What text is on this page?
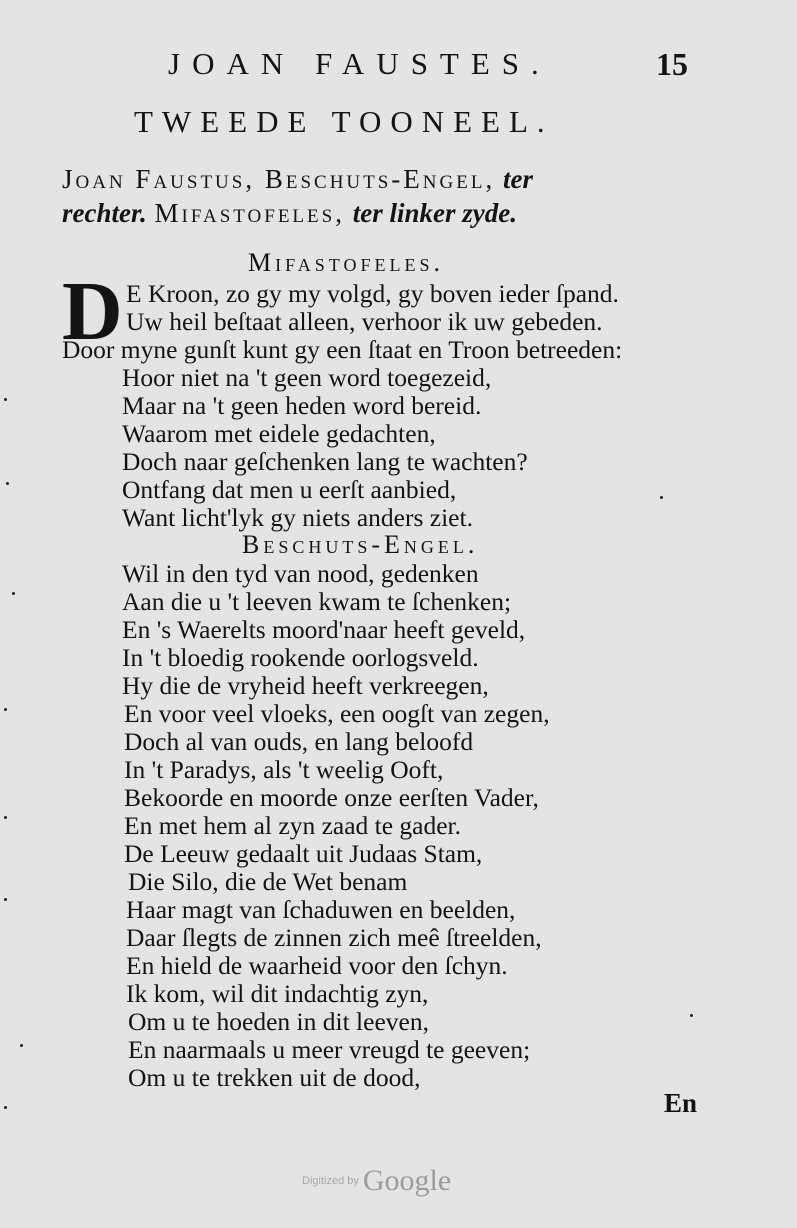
JOAN FAUSTES.	15
TWEEDE TOONEEL.
Joan Faustus, Beschuts-Engel, ter
rechter. Mifastofeles, ter linker zyde.
Mifastofeles.
D E Kroon, zo gy my volgd, gy boven ieder ſpand.
Uw heil beſtaat alleen, verhoor ik uw gebeden.
Door myne gunſt kunt gy een ſtaat en Troon betreeden:
Hoor niet na 't geen word toegezeid,
Maar na 't geen heden word bereid.
Waarom met eidele gedachten,
Doch naar geſchenken lang te wachten?
Ontfang dat men u eerſt aanbied,
Want licht'lyk gy niets anders ziet.
Beschuts-Engel.
Wil in den tyd van nood, gedenken
Aan die u 't leeven kwam te ſchenken;
En 's Waerelts moord'naar heeft geveld,
In 't bloedig rookende oorlogsveld.
Hy die de vryheid heeft verkreegen,
En voor veel vloeks, een oogſt van zegen,
Doch al van ouds, en lang beloofd
In 't Paradys, als 't weelig Ooft,
Bekoorde en moorde onze eerſten Vader,
En met hem al zyn zaad te gader.
De Leeuw gedaalt uit Judaas Stam,
Die Silo, die de Wet benam
Haar magt van ſchaduwen en beelden,
Daar ſlegts de zinnen zich meê ſtreelden,
En hield de waarheid voor den ſchyn.
Ik kom, wil dit indachtig zyn,
Om u te hoeden in dit leeven,
En naarmaals u meer vreugd te geeven;
Om u te trekken uit de dood,
En
Digitized by Google
